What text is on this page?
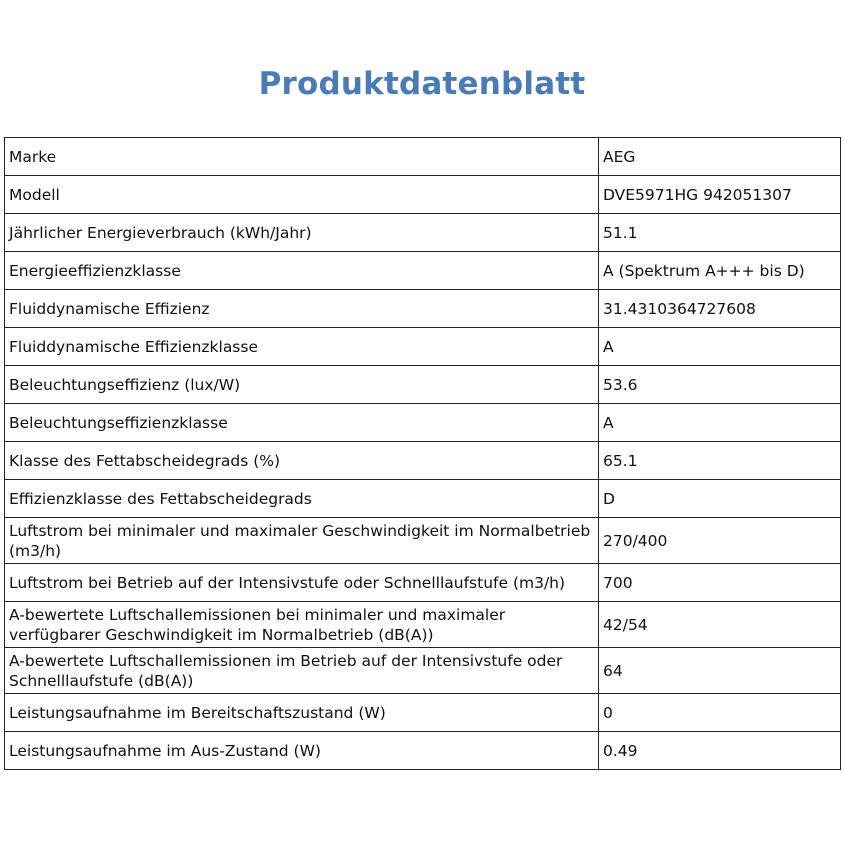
Produktdatenblatt
Marke	AEG
Modell	DVE5971HG 942051307
Jährlicher Energieverbrauch (kWh/Jahr)	51.1
Energieeffizienzklasse	A (Spektrum A+++ bis D)
Fluiddynamische Effizienz	31.4310364727608
Fluiddynamische Effizienzklasse	A
Beleuchtungseffizienz (lux/W)	53.6
Beleuchtungseffizienzklasse	A
Klasse des Fettabscheidegrads (%)	65.1
Effizienzklasse des Fettabscheidegrads	D
Luftstrom bei minimaler und maximaler Geschwindigkeit im Normalbetrieb (m3/h)	270/400
Luftstrom bei Betrieb auf der Intensivstufe oder Schnelllaufstufe (m3/h)	700
A-bewertete Luftschallemissionen bei minimaler und maximaler verfügbarer Geschwindigkeit im Normalbetrieb (dB(A))	42/54
A-bewertete Luftschallemissionen im Betrieb auf der Intensivstufe oder Schnelllaufstufe (dB(A))	64
Leistungsaufnahme im Bereitschaftszustand (W)	0
Leistungsaufnahme im Aus-Zustand (W)	0.49
